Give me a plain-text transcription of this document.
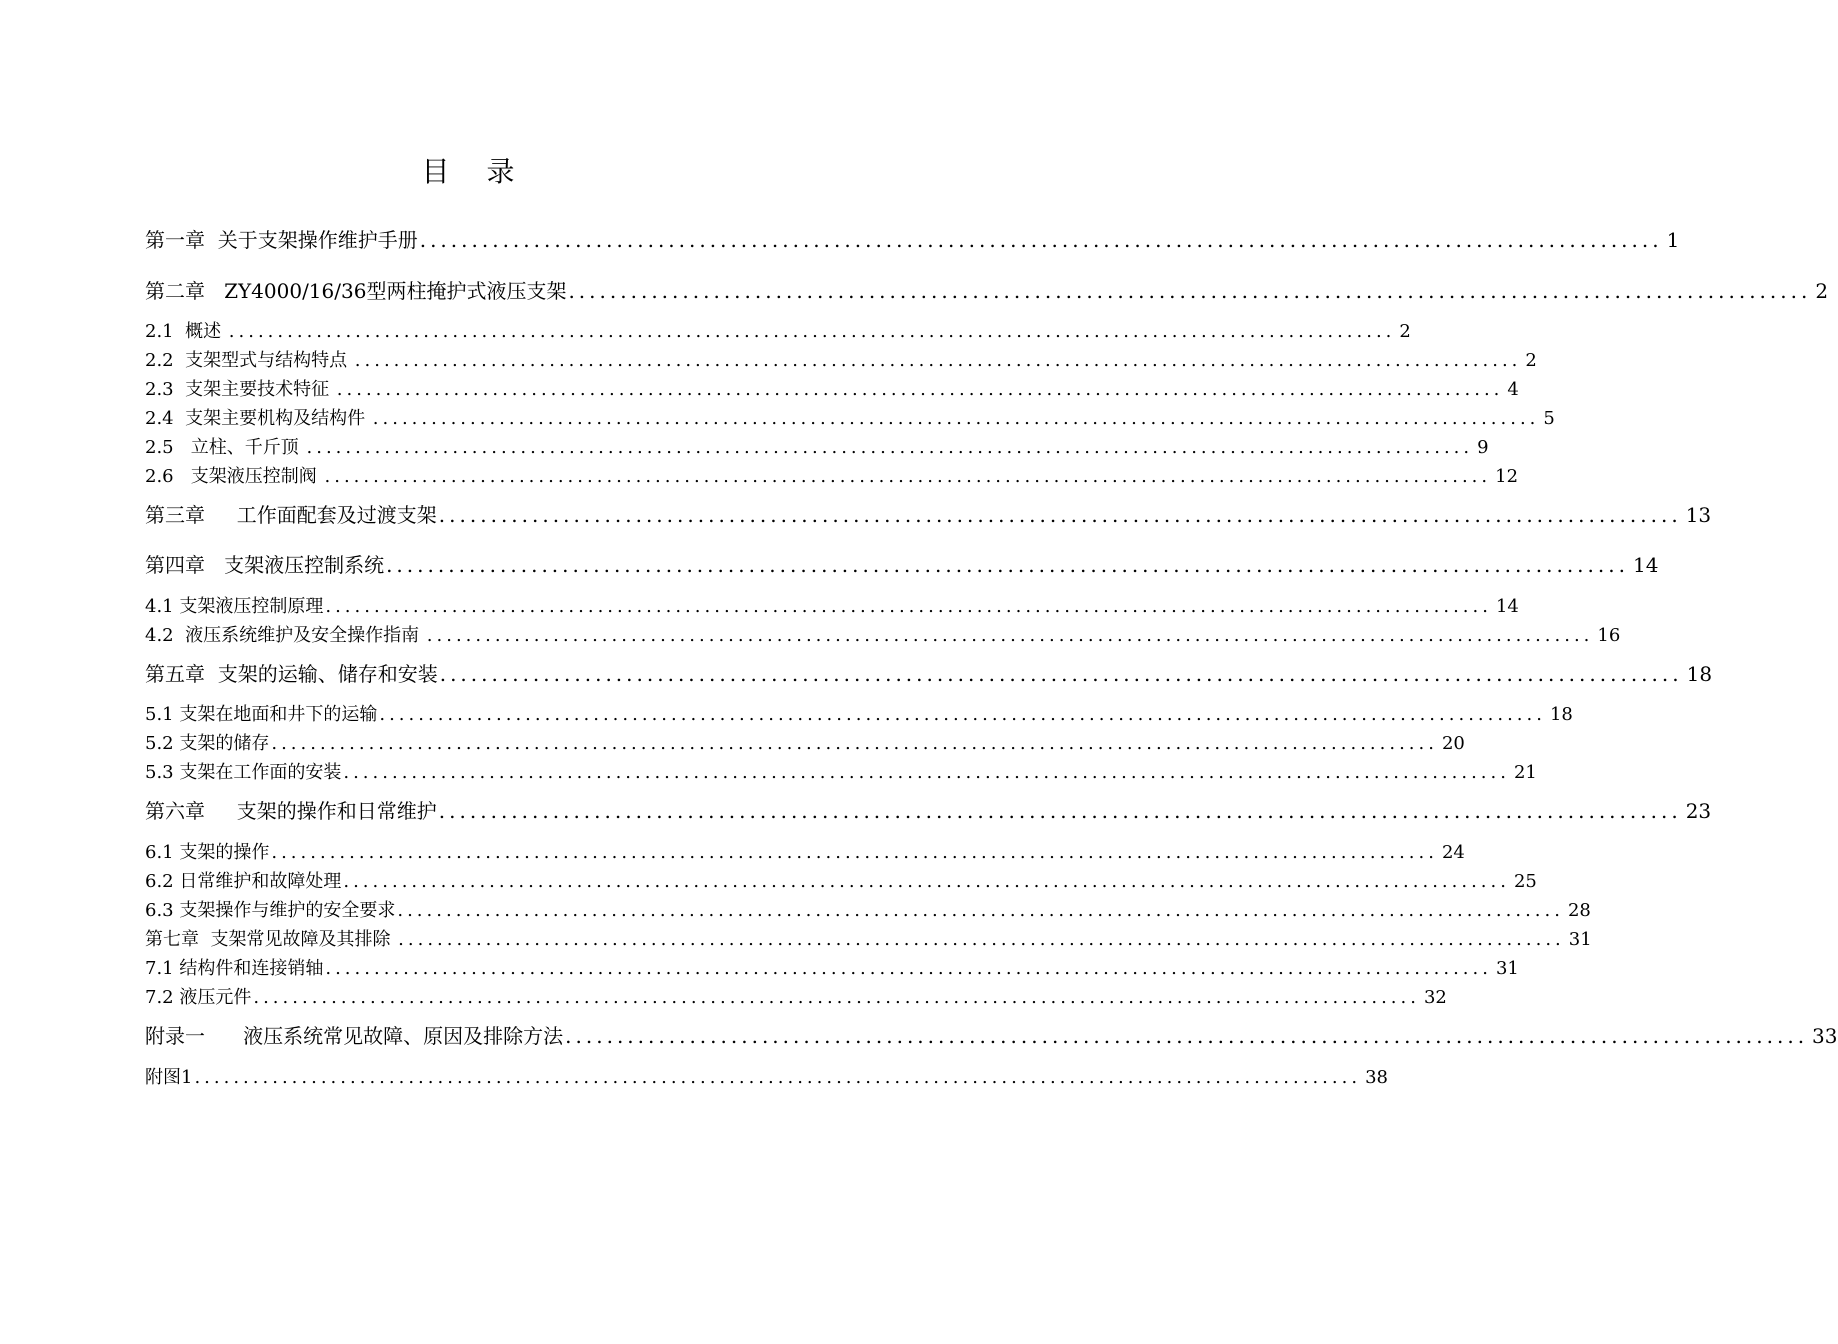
目 录
第一章  关于支架操作维护手册 ........................................................................................................................ 1
第二章   ZY4000/16/36型两柱掩护式液压支架 ........................................................................................................................ 2
2.1  概述 ........................................................................................................................ 2
2.2  支架型式与结构特点 ........................................................................................................................ 2
2.3  支架主要技术特征 ........................................................................................................................ 4
2.4  支架主要机构及结构件 ........................................................................................................................ 5
2.5   立柱、千斤顶 ........................................................................................................................ 9
2.6   支架液压控制阀 ........................................................................................................................ 12
第三章     工作面配套及过渡支架 ........................................................................................................................ 13
第四章   支架液压控制系统 ........................................................................................................................ 14
4.1 支架液压控制原理 ........................................................................................................................ 14
4.2  液压系统维护及安全操作指南 ........................................................................................................................ 16
第五章  支架的运输、储存和安装 ........................................................................................................................ 18
5.1 支架在地面和井下的运输 ........................................................................................................................ 18
5.2 支架的储存 ........................................................................................................................ 20
5.3 支架在工作面的安装 ........................................................................................................................ 21
第六章     支架的操作和日常维护 ........................................................................................................................ 23
6.1 支架的操作 ........................................................................................................................ 24
6.2 日常维护和故障处理 ........................................................................................................................ 25
6.3 支架操作与维护的安全要求 ........................................................................................................................ 28
第七章  支架常见故障及其排除 ........................................................................................................................ 31
7.1 结构件和连接销轴 ........................................................................................................................ 31
7.2 液压元件 ........................................................................................................................ 32
附录一      液压系统常见故障、原因及排除方法 ........................................................................................................................ 33
附图1 ........................................................................................................................ 38
